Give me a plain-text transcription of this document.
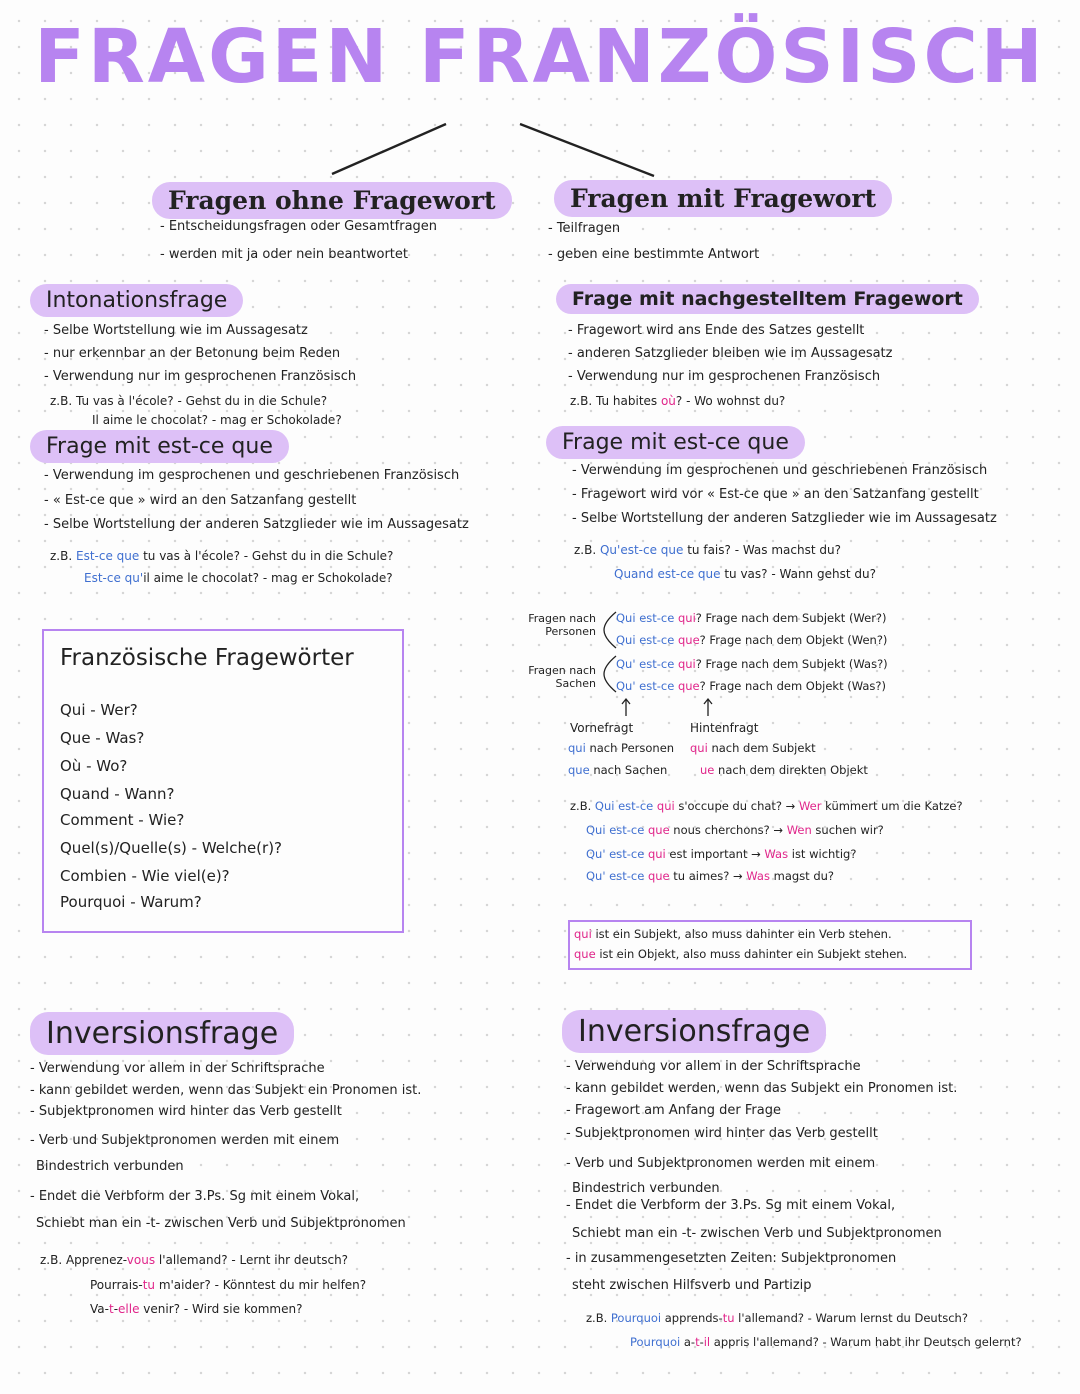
FRAGEN FRANZÖSISCH
Fragen ohne Fragewort
- Entscheidungsfragen oder Gesamtfragen
- werden mit ja oder nein beantwortet
Fragen mit Fragewort
- Teilfragen
- geben eine bestimmte Antwort
Intonationsfrage
- Selbe Wortstellung wie im Aussagesatz
- nur erkennbar an der Betonung beim Reden
- Verwendung nur im gesprochenen Französisch
z.B. Tu vas à l'école? - Gehst du in die Schule?
Il aime le chocolat? - mag er Schokolade?
Frage mit nachgestelltem Fragewort
- Fragewort wird ans Ende des Satzes gestellt
- anderen Satzglieder bleiben wie im Aussagesatz
- Verwendung nur im gesprochenen Französisch
z.B. Tu habites où? - Wo wohnst du?
Frage mit est-ce que
- Verwendung im gesprochenen und geschriebenen Französisch
- « Est-ce que » wird an den Satzanfang gestellt
- Selbe Wortstellung der anderen Satzglieder wie im Aussagesatz
z.B. Est-ce que tu vas à l'école? - Gehst du in die Schule?
Est-ce qu'il aime le chocolat? - mag er Schokolade?
Frage mit est-ce que
- Verwendung im gesprochenen und geschriebenen Französisch
- Fragewort wird vor « Est-ce que » an den Satzanfang gestellt
- Selbe Wortstellung der anderen Satzglieder wie im Aussagesatz
z.B. Qu'est-ce que tu fais? - Was machst du?
Quand est-ce que tu vas? - Wann gehst du?
Französische Fragewörter
Qui - Wer?
Que - Was?
Où - Wo?
Quand - Wann?
Comment - Wie?
Quel(s)/Quelle(s) - Welche(r)?
Combien - Wie viel(e)?
Pourquoi - Warum?
Fragen nach Personen
Fragen nach Sachen
Qui est-ce qui? Frage nach dem Subjekt (Wer?)
Qui est-ce que? Frage nach dem Objekt (Wen?)
Qu' est-ce qui? Frage nach dem Subjekt (Was?)
Qu' est-ce que? Frage nach dem Objekt (Was?)
Vornefragt	Hintenfragt
qui nach Personen
que nach Sachen
qui nach dem Subjekt
ue nach dem direkten Objekt
z.B. Qui est-ce qui s'occupe du chat? → Wer kümmert um die Katze?
Qui est-ce que nous cherchons? → Wen suchen wir?
Qu' est-ce qui est important → Was ist wichtig?
Qu' est-ce que tu aimes? → Was magst du?
qui ist ein Subjekt, also muss dahinter ein Verb stehen.
que ist ein Objekt, also muss dahinter ein Subjekt stehen.
Inversionsfrage
- Verwendung vor allem in der Schriftsprache
- kann gebildet werden, wenn das Subjekt ein Pronomen ist.
- Subjektpronomen wird hinter das Verb gestellt
- Verb und Subjektpronomen werden mit einem
Bindestrich verbunden
- Endet die Verbform der 3.Ps. Sg mit einem Vokal,
Schiebt man ein -t- zwischen Verb und Subjektpronomen
z.B. Apprenez-vous l'allemand? - Lernt ihr deutsch?
Pourrais-tu m'aider? - Könntest du mir helfen?
Va-t-elle venir? - Wird sie kommen?
Inversionsfrage
- Verwendung vor allem in der Schriftsprache
- kann gebildet werden, wenn das Subjekt ein Pronomen ist.
- Fragewort am Anfang der Frage
- Subjektpronomen wird hinter das Verb gestellt
- Verb und Subjektpronomen werden mit einem
Bindestrich verbunden
- Endet die Verbform der 3.Ps. Sg mit einem Vokal,
Schiebt man ein -t- zwischen Verb und Subjektpronomen
- in zusammengesetzten Zeiten: Subjektpronomen
steht zwischen Hilfsverb und Partizip
z.B. Pourquoi apprends-tu l'allemand? - Warum lernst du Deutsch?
Pourquoi a-t-il appris l'allemand? - Warum habt ihr Deutsch gelernt?
